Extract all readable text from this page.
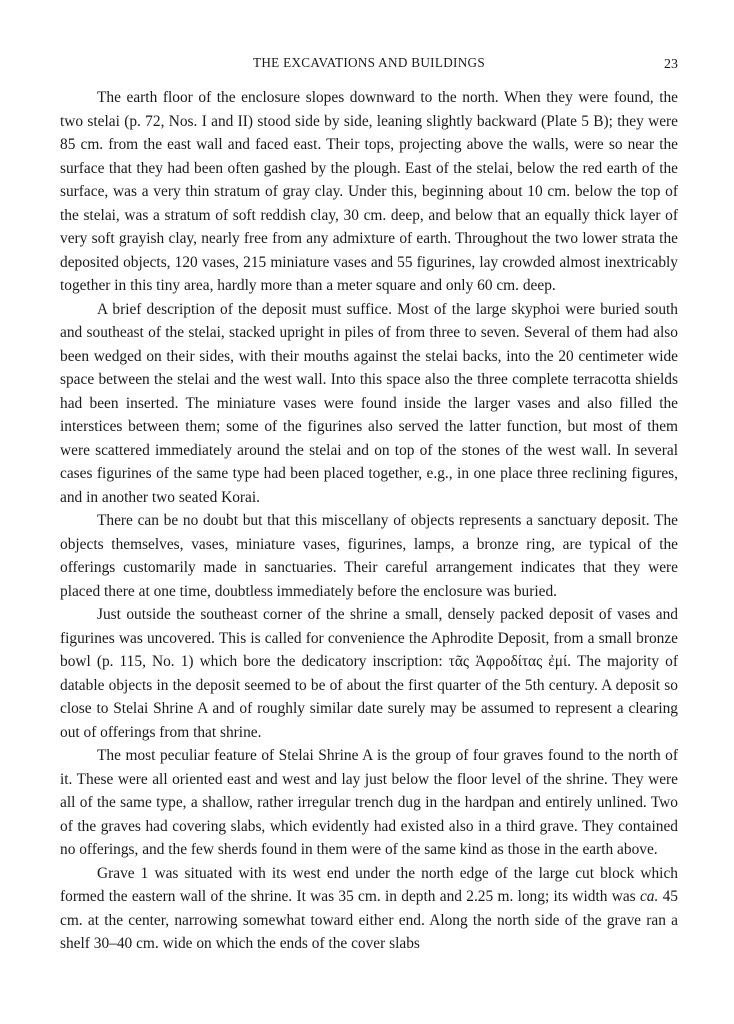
THE EXCAVATIONS AND BUILDINGS	23

The earth floor of the enclosure slopes downward to the north. When they were found, the two stelai (p. 72, Nos. I and II) stood side by side, leaning slightly backward (Plate 5 B); they were 85 cm. from the east wall and faced east. Their tops, projecting above the walls, were so near the surface that they had been often gashed by the plough. East of the stelai, below the red earth of the surface, was a very thin stratum of gray clay. Under this, beginning about 10 cm. below the top of the stelai, was a stratum of soft reddish clay, 30 cm. deep, and below that an equally thick layer of very soft grayish clay, nearly free from any admixture of earth. Throughout the two lower strata the deposited objects, 120 vases, 215 miniature vases and 55 figurines, lay crowded almost inextricably together in this tiny area, hardly more than a meter square and only 60 cm. deep.

A brief description of the deposit must suffice. Most of the large skyphoi were buried south and southeast of the stelai, stacked upright in piles of from three to seven. Several of them had also been wedged on their sides, with their mouths against the stelai backs, into the 20 centimeter wide space between the stelai and the west wall. Into this space also the three complete terracotta shields had been inserted. The miniature vases were found inside the larger vases and also filled the interstices between them; some of the figurines also served the latter function, but most of them were scattered immediately around the stelai and on top of the stones of the west wall. In several cases figurines of the same type had been placed together, e.g., in one place three reclining figures, and in another two seated Korai.

There can be no doubt but that this miscellany of objects represents a sanctuary deposit. The objects themselves, vases, miniature vases, figurines, lamps, a bronze ring, are typical of the offerings customarily made in sanctuaries. Their careful arrangement indicates that they were placed there at one time, doubtless immediately before the enclosure was buried.

Just outside the southeast corner of the shrine a small, densely packed deposit of vases and figurines was uncovered. This is called for convenience the Aphrodite Deposit, from a small bronze bowl (p. 115, No. 1) which bore the dedicatory inscription: τᾶς Ἀφροδίτας ἐμί. The majority of datable objects in the deposit seemed to be of about the first quarter of the 5th century. A deposit so close to Stelai Shrine A and of roughly similar date surely may be assumed to represent a clearing out of offerings from that shrine.

The most peculiar feature of Stelai Shrine A is the group of four graves found to the north of it. These were all oriented east and west and lay just below the floor level of the shrine. They were all of the same type, a shallow, rather irregular trench dug in the hardpan and entirely unlined. Two of the graves had covering slabs, which evidently had existed also in a third grave. They contained no offerings, and the few sherds found in them were of the same kind as those in the earth above.

Grave 1 was situated with its west end under the north edge of the large cut block which formed the eastern wall of the shrine. It was 35 cm. in depth and 2.25 m. long; its width was ca. 45 cm. at the center, narrowing somewhat toward either end. Along the north side of the grave ran a shelf 30–40 cm. wide on which the ends of the cover slabs
